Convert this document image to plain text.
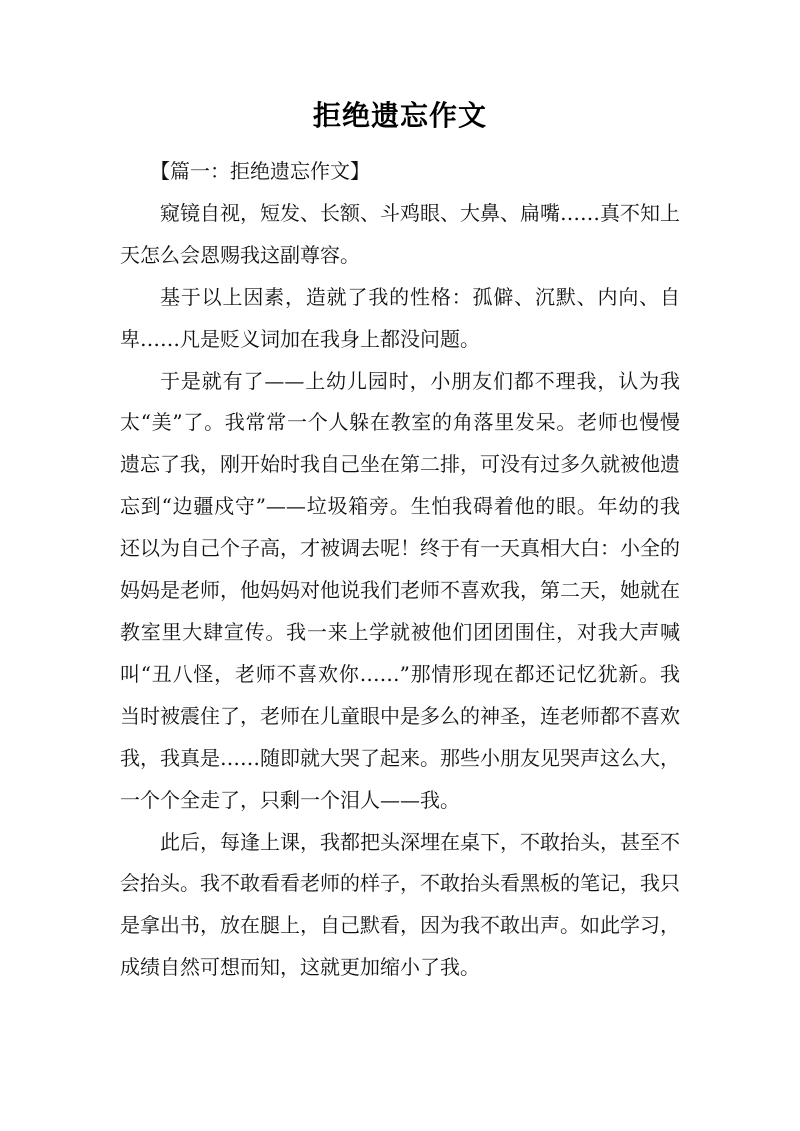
拒绝遗忘作文

【篇一：拒绝遗忘作文】

窥镜自视，短发、长额、斗鸡眼、大鼻、扁嘴……真不知上天怎么会恩赐我这副尊容。

基于以上因素，造就了我的性格：孤僻、沉默、内向、自卑……凡是贬义词加在我身上都没问题。

于是就有了——上幼儿园时，小朋友们都不理我，认为我太“美”了。我常常一个人躲在教室的角落里发呆。老师也慢慢遗忘了我，刚开始时我自己坐在第二排，可没有过多久就被他遗忘到“边疆戍守”——垃圾箱旁。生怕我碍着他的眼。年幼的我还以为自己个子高，才被调去呢！终于有一天真相大白：小全的妈妈是老师，他妈妈对他说我们老师不喜欢我，第二天，她就在教室里大肆宣传。我一来上学就被他们团团围住，对我大声喊叫“丑八怪，老师不喜欢你……”那情形现在都还记忆犹新。我当时被震住了，老师在儿童眼中是多么的神圣，连老师都不喜欢我，我真是……随即就大哭了起来。那些小朋友见哭声这么大，一个个全走了，只剩一个泪人——我。

此后，每逢上课，我都把头深埋在桌下，不敢抬头，甚至不会抬头。我不敢看看老师的样子，不敢抬头看黑板的笔记，我只是拿出书，放在腿上，自己默看，因为我不敢出声。如此学习，成绩自然可想而知，这就更加缩小了我。
